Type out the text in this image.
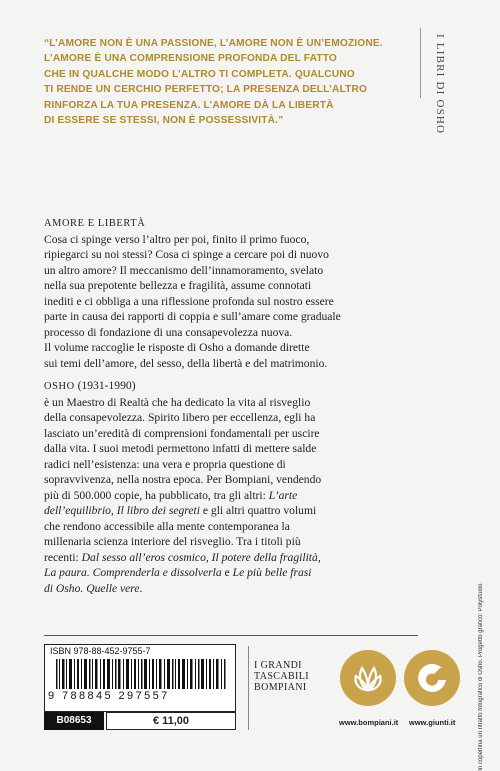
“L’AMORE NON È UNA PASSIONE, L’AMORE NON È UN’EMOZIONE.
L’AMORE È UNA COMPRENSIONE PROFONDA DEL FATTO
CHE IN QUALCHE MODO L’ALTRO TI COMPLETA. QUALCUNO
TI RENDE UN CERCHIO PERFETTO; LA PRESENZA DELL’ALTRO
RINFORZA LA TUA PRESENZA. L’AMORE DÀ LA LIBERTÀ
DI ESSERE SE STESSI, NON È POSSESSIVITÀ.”	I LIBRI DI OSHO
AMORE E LIBERTÀ
Cosa ci spinge verso l’altro per poi, finito il primo fuoco,
ripiegarci su noi stessi? Cosa ci spinge a cercare poi di nuovo
un altro amore? Il meccanismo dell’innamoramento, svelato
nella sua prepotente bellezza e fragilità, assume connotati
inediti e ci obbliga a una riflessione profonda sul nostro essere
parte in causa dei rapporti di coppia e sull’amare come graduale
processo di fondazione di una consapevolezza nuova.
Il volume raccoglie le risposte di Osho a domande dirette
sui temi dell’amore, del sesso, della libertà e del matrimonio.
OSHO (1931-1990)
è un Maestro di Realtà che ha dedicato la vita al risveglio
della consapevolezza. Spirito libero per eccellenza, egli ha
lasciato un’eredità di comprensioni fondamentali per uscire
dalla vita. I suoi metodi permettono infatti di mettere salde
radici nell’esistenza: una vera e propria questione di
sopravvivenza, nella nostra epoca. Per Bompiani, vendendo
più di 500.000 copie, ha pubblicato, tra gli altri: L’arte
dell’equilibrio, Il libro dei segreti e gli altri quattro volumi
che rendono accessibile alla mente contemporanea la
millenaria scienza interiore del risveglio. Tra i titoli più
recenti: Dal sesso all’eros cosmico, Il potere della fragilità,
La paura. Comprenderla e dissolverla e Le più belle frasi
di Osho. Quelle vere.	In copertina un ritratto fotografico di Osho. Progetto grafico: Polystudio.
ISBN 978-88-452-9755-7
9 788845 297557
B08653	€ 11,00
I GRANDI
TASCABILI
BOMPIANI
www.bompiani.it www.giunti.it
